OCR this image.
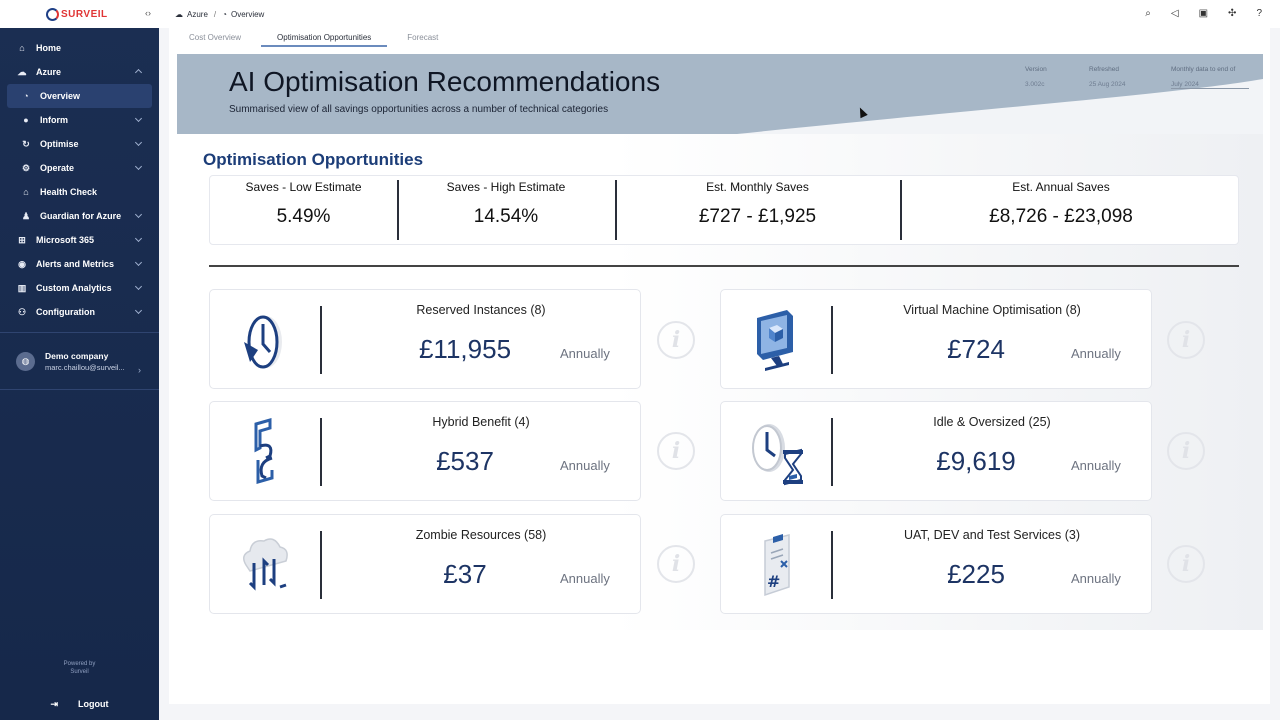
SURVEIL	‹›
⌂	Home
☁ Azure
◔	Overview
●	Inform
↻ Optimise
⚙ Operate
⌂	Health Check
♟ Guardian for Azure
⊞ Microsoft 365
◉ Alerts and Metrics
▥ Custom Analytics
⚇ Configuration
◍	Demo company
marc.chaillou@surveil... ›
Powered by
Surveil
⇥ Logout
☁ Azure / ◔ Overview	⌕ ◁ ▣ ✣ ?
Cost Overview	Optimisation Opportunities	Forecast
AI Optimisation Recommendations
Summarised view of all savings opportunities across a number of technical categories
Version
3.002c
Refreshed
25 Aug 2024
Monthly data to end of
July 2024
Optimisation Opportunities
Saves - Low Estimate
5.49%
Saves - High Estimate
14.54%
Est. Monthly Saves
£727 - £1,925
Est. Annual Saves
£8,726 - £23,098
Reserved Instances (8)
£11,955	Annually
i
Virtual Machine Optimisation (8)
£724	Annually
i
Hybrid Benefit (4)
£537	Annually
i
Idle & Oversized (25)
£9,619	Annually
i
Zombie Resources (58)
£37	Annually
i
#
UAT, DEV and Test Services (3)
£225	Annually
i
